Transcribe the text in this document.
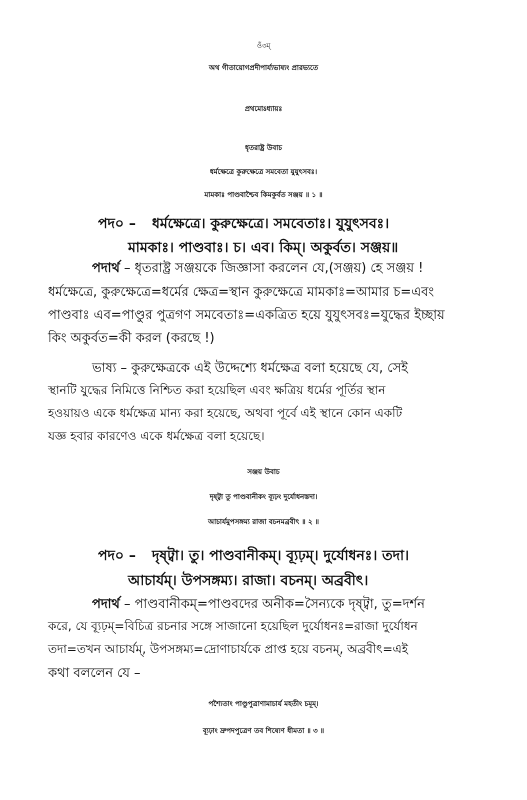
ওঁ৩ম্
অথ গীতায়োগপ্রদীপার্য্যভাষ্যং প্রারভ্যতে
প্রথমোऽধ্যায়ঃ
ধৃতরাষ্ট্র উবাচ
ধর্মক্ষেত্রে কুরুক্ষেত্রে সমবেতা যুযুৎসবঃ।
মামকাঃ পাণ্ডবাশ্চৈব কিমকুর্বত সঞ্জয় ॥ ১ ॥
পদ০ – ধর্মক্ষেত্রে। কুরুক্ষেত্রে। সমবেতাঃ। যুযুৎসবঃ।
মামকাঃ। পাণ্ডবাঃ। চ। এব। কিম্। অকুর্বত। সঞ্জয়॥
পদার্থ – ধৃতরাষ্ট্র সঞ্জয়কে জিজ্ঞাসা করলেন যে,(সঞ্জয়) হে সঞ্জয় !
ধর্মক্ষেত্রে, কুরুক্ষেত্রে=ধর্মের ক্ষেত্র=স্থান কুরুক্ষেত্রে মামকাঃ=আমার চ=এবং
পাণ্ডবাঃ এব=পাণ্ডুর পুত্রগণ সমবেতাঃ=একত্রিত হয়ে যুযুৎসবঃ=যুদ্ধের ইচ্ছায়
কিং অকুর্বত=কী করল (করছে !)
ভাষ্য – কুরুক্ষেত্রকে এই উদ্দেশ্যে ধর্মক্ষেত্র বলা হয়েছে যে, সেই
স্থানটি যুদ্ধের নিমিত্তে নিশ্চিত করা হয়েছিল এবং ক্ষত্রিয় ধর্মের পূর্তির স্থান
হওয়ায়ও একে ধর্মক্ষেত্র মান্য করা হয়েছে, অথবা পূর্বে এই স্থানে কোন একটি
যজ্ঞ হবার কারণেও একে ধর্মক্ষেত্র বলা হয়েছে।
সঞ্জয় উবাচ
দৃষ্ট্বা তু পাণ্ডবানীকং ব্যূঢ়ং দুর্যোধনস্তদা।
আচার্যমুপসঙ্গম্য রাজা বচনমব্রবীৎ ॥ ২ ॥
পদ০ – দৃষ্ট্বা। তু। পাণ্ডবানীকম্। ব্যূঢ়ম্। দুর্যোধনঃ। তদা।
আচার্যম্। উপসঙ্গম্য। রাজা। বচনম্। অব্রবীৎ।
পদার্থ – পাণ্ডবানীকম্=পাণ্ডবদের অনীক=সৈন্যকে দৃষ্ট্বা, তু=দর্শন
করে, যে ব্যূঢ়ম্=বিচিত্র রচনার সঙ্গে সাজানো হয়েছিল দুর্যোধনঃ=রাজা দুর্যোধন
তদা=তখন আচার্যম্, উপসঙ্গম্য=দ্রোণাচার্যকে প্রাপ্ত হয়ে বচনম্, অব্রবীৎ=এই
কথা বললেন যে –
পশ্যৈতাং পাণ্ডুপুত্রাণামাচার্য মহতীং চমূম্।
ব্যূঢ়াং দ্রুপদপুত্রেণ তব শিষ্যেণ ধীমতা ॥ ৩ ॥
